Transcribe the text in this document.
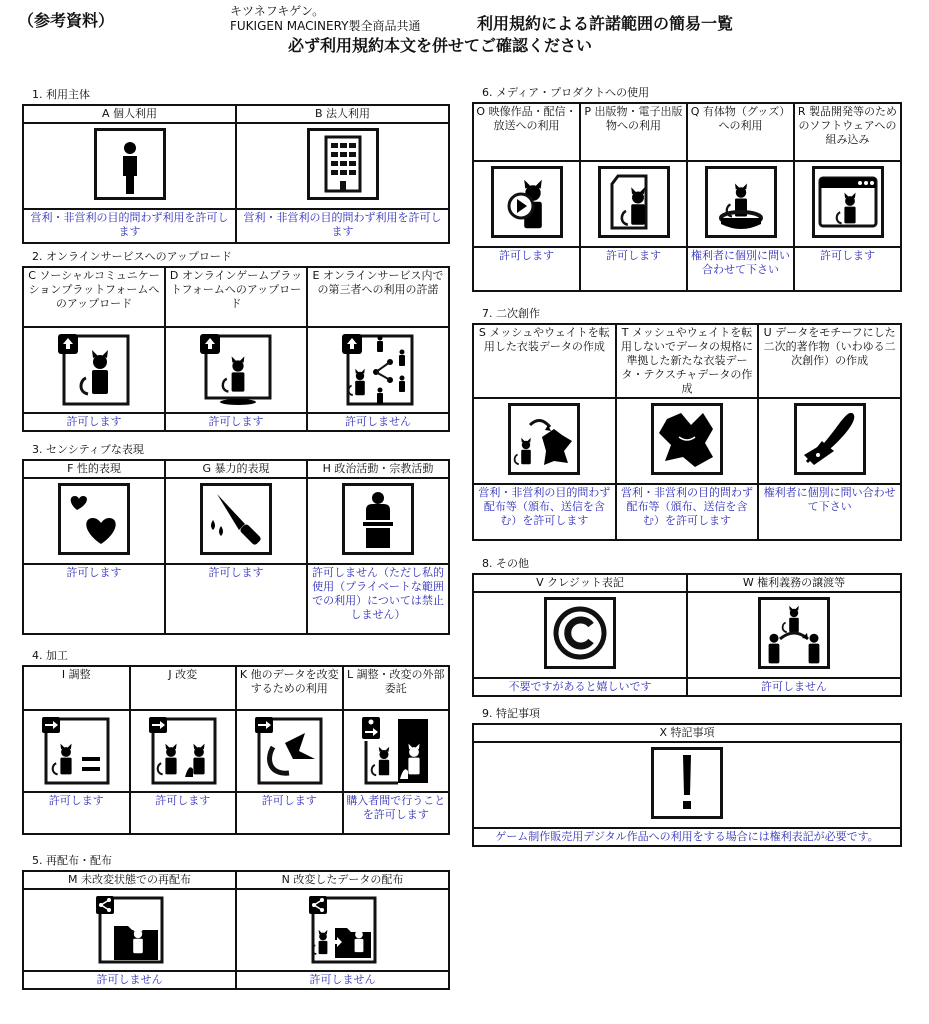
（参考資料）	キツネフキゲン。
FUKIGEN MACINERY製全商品共通	利用規約による許諾範囲の簡易一覧
必ず利用規約本文を併せてご確認ください
1. 利用主体
A 個人利用	B 法人利用

営利・非営利の目的問わず利用を許可します	営利・非営利の目的問わず利用を許可します
2. オンラインサービスへのアップロード
C ソーシャルコミュニケーションプラットフォームへのアップロード	D オンラインゲームプラットフォームへのアップロード	E オンラインサービス内での第三者への利用の許諾

許可します	許可します	許可しません
3. センシティブな表現
F 性的表現	G 暴力的表現	H 政治活動・宗教活動

許可します	許可します	許可しません（ただし私的使用（プライベートな範囲での利用）については禁止しません）
4. 加工
I 調整	J 改変	K 他のデータを改変するための利用	L 調整・改変の外部委託

許可します	許可します	許可します	購入者間で行うことを許可します
5. 再配布・配布
M 未改変状態での再配布	N 改変したデータの配布

許可しません	許可しません
6. メディア・プロダクトへの使用
O 映像作品・配信・放送への利用	P 出版物・電子出版物への利用	Q 有体物（グッズ）への利用	R 製品開発等のためのソフトウェアへの組み込み

許可します	許可します	権利者に個別に問い合わせて下さい	許可します
7. 二次創作
S メッシュやウェイトを転用した衣装データの作成	T メッシュやウェイトを転用しないでデータの規格に準拠した新たな衣装データ・テクスチャデータの作成	U データをモチーフにした二次的著作物（いわゆる二次創作）の作成

営利・非営利の目的問わず配布等（頒布、送信を含む）を許可します	営利・非営利の目的問わず配布等（頒布、送信を含む）を許可します	権利者に個別に問い合わせて下さい
8. その他
V クレジット表記	W 権利義務の譲渡等

不要ですがあると嬉しいです	許可しません
9. 特記事項
X 特記事項

ゲーム制作販売用デジタル作品への利用をする場合には権利表記が必要です。
